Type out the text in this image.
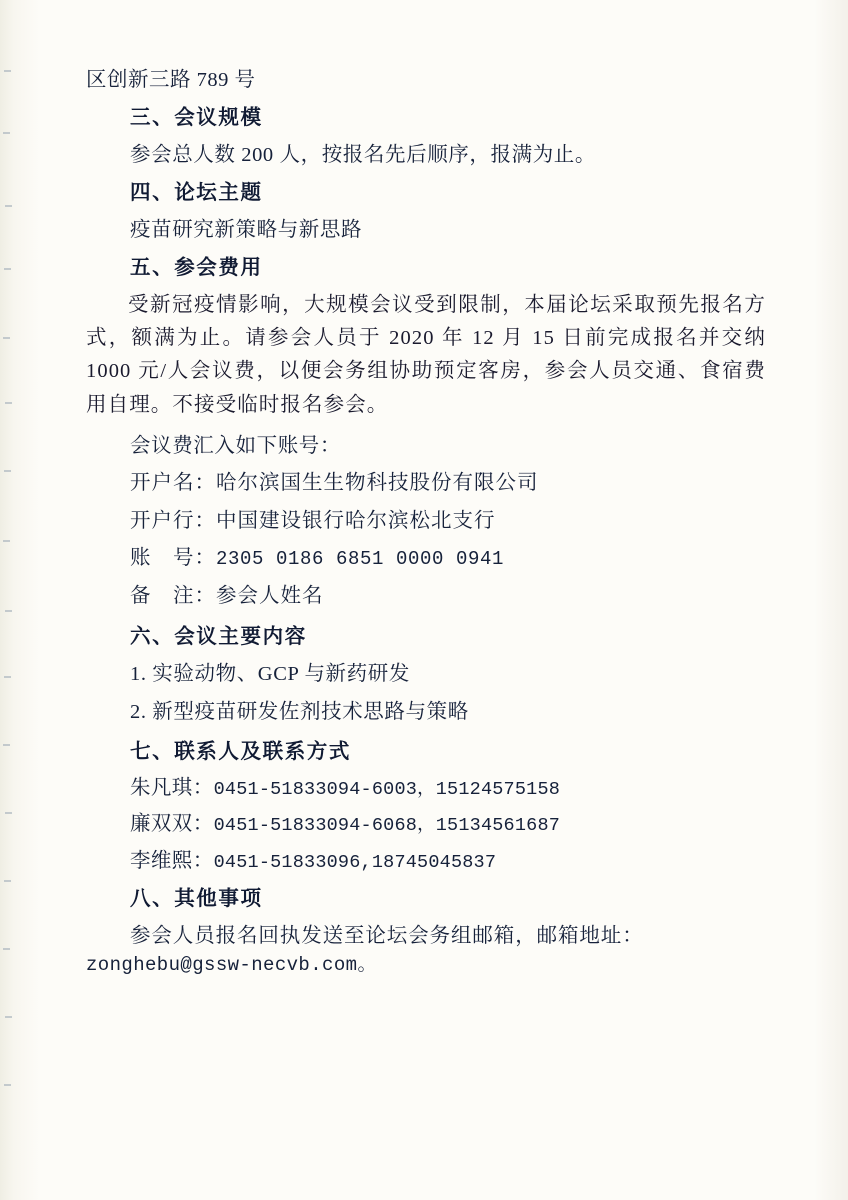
区创新三路 789 号
三、会议规模
参会总人数 200 人，按报名先后顺序，报满为止。
四、论坛主题
疫苗研究新策略与新思路
五、参会费用
受新冠疫情影响，大规模会议受到限制，本届论坛采取预先报名方式，额满为止。请参会人员于 2020 年 12 月 15 日前完成报名并交纳 1000 元/人会议费，以便会务组协助预定客房，参会人员交通、食宿费用自理。不接受临时报名参会。
会议费汇入如下账号：
开户名：哈尔滨国生生物科技股份有限公司
开户行：中国建设银行哈尔滨松北支行
账　号：2305 0186 6851 0000 0941
备　注：参会人姓名
六、会议主要内容
1. 实验动物、GCP 与新药研发
2. 新型疫苗研发佐剂技术思路与策略
七、联系人及联系方式
朱凡琪：0451-51833094-6003，15124575158
廉双双：0451-51833094-6068，15134561687
李维熙：0451-51833096,18745045837
八、其他事项
参会人员报名回执发送至论坛会务组邮箱，邮箱地址：
zonghebu@gssw-necvb.com。
